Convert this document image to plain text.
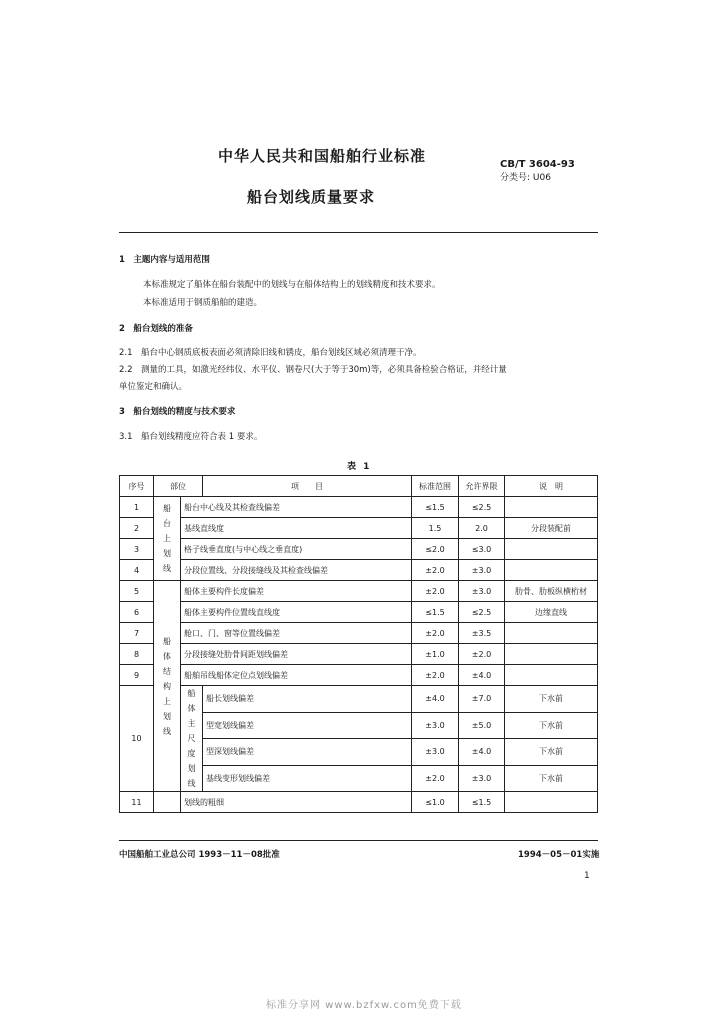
中华人民共和国船舶行业标准	CB/T 3604-93
分类号: U06
船台划线质量要求
1　主题内容与适用范围
本标准规定了船体在船台装配中的划线与在船体结构上的划线精度和技术要求。
本标准适用于钢质船舶的建造。
2　船台划线的准备
2.1　船台中心钢质底板表面必须清除旧线和锈皮，船台划线区域必须清理干净。
2.2　测量的工具，如激光经纬仪、水平仪、钢卷尺(大于等于30m)等，必须具备检验合格证，并经计量
单位鉴定和确认。
3　船台划线的精度与技术要求
3.1　船台划线精度应符合表 1 要求。
表 1
序号	部位		项　　目	标准范围	允许界限	说　明
1	船台上划线	船台中心线及其检查线偏差		≤1.5	≤2.5	
2		基线直线度		1.5	2.0	分段装配前
3		格子线垂直度(与中心线之垂直度)		≤2.0	≤3.0	
4		分段位置线、分段接缝线及其检查线偏差		±2.0	±3.0	
5	船体结构上划线	船体主要构件长度偏差		±2.0	±3.0	肋骨、肋板纵横桁材
6		船体主要构件位置线直线度		≤1.5	≤2.5	边缘直线
7		舱口、门、窗等位置线偏差		±2.0	±3.5	
8		分段接缝处肋骨间距划线偏差		±1.0	±2.0	
9		船舶吊线船体定位点划线偏差		±2.0	±4.0	
10		船体主尺度划线	船长划线偏差	±4.0	±7.0	下水前
			型宽划线偏差	±3.0	±5.0	下水前
			型深划线偏差	±3.0	±4.0	下水前
			基线变形划线偏差	±2.0	±3.0	下水前
11		划线的粗细		≤1.0	≤1.5	
中国船舶工业总公司 1993－11－08批准	1994－05－01实施
1
标准分享网 www.bzfxw.com免费下载
